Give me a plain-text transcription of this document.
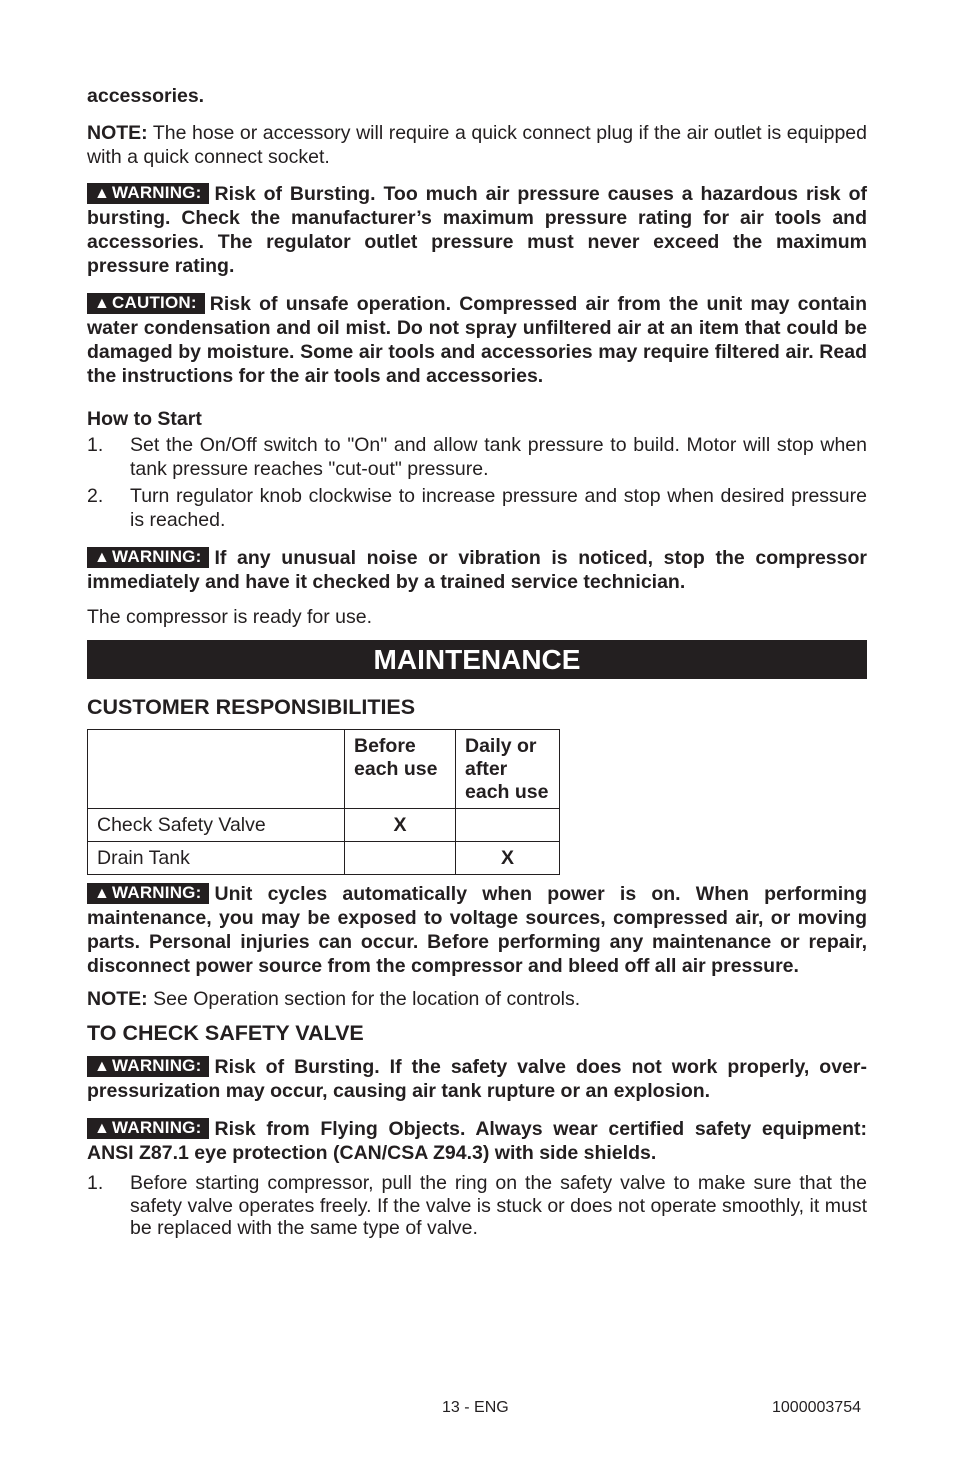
accessories.

NOTE: The hose or accessory will require a quick connect plug if the air outlet is equipped with a quick connect socket.

▲ WARNING: Risk of Bursting. Too much air pressure causes a hazardous risk of bursting. Check the manufacturer’s maximum pressure rating for air tools and accessories. The regulator outlet pressure must never exceed the maximum pressure rating.

▲ CAUTION: Risk of unsafe operation. Compressed air from the unit may contain water condensation and oil mist. Do not spray unfiltered air at an item that could be damaged by moisture. Some air tools and accessories may require filtered air. Read the instructions for the air tools and accessories.

How to Start
1.	Set the On/Off switch to "On" and allow tank pressure to build. Motor will stop when tank pressure reaches "cut-out" pressure.
2.	Turn regulator knob clockwise to increase pressure and stop when desired pressure is reached.

▲ WARNING: If any unusual noise or vibration is noticed, stop the compressor immediately and have it checked by a trained service technician.

The compressor is ready for use.

MAINTENANCE
CUSTOMER RESPONSIBILITIES
	Before each use	Daily or after each use
Check Safety Valve	X	
Drain Tank		X

▲ WARNING: Unit cycles automatically when power is on. When performing maintenance, you may be exposed to voltage sources, compressed air, or moving parts. Personal injuries can occur. Before performing any maintenance or repair, disconnect power source from the compressor and bleed off all air pressure.

NOTE: See Operation section for the location of controls.

TO CHECK SAFETY VALVE

▲ WARNING: Risk of Bursting. If the safety valve does not work properly, over-pressurization may occur, causing air tank rupture or an explosion.

▲ WARNING: Risk from Flying Objects. Always wear certified safety equipment: ANSI Z87.1 eye protection (CAN/CSA Z94.3) with side shields.

1.	Before starting compressor, pull the ring on the safety valve to make sure that the safety valve operates freely. If the valve is stuck or does not operate smoothly, it must be replaced with the same type of valve.
13 - ENG	1000003754
